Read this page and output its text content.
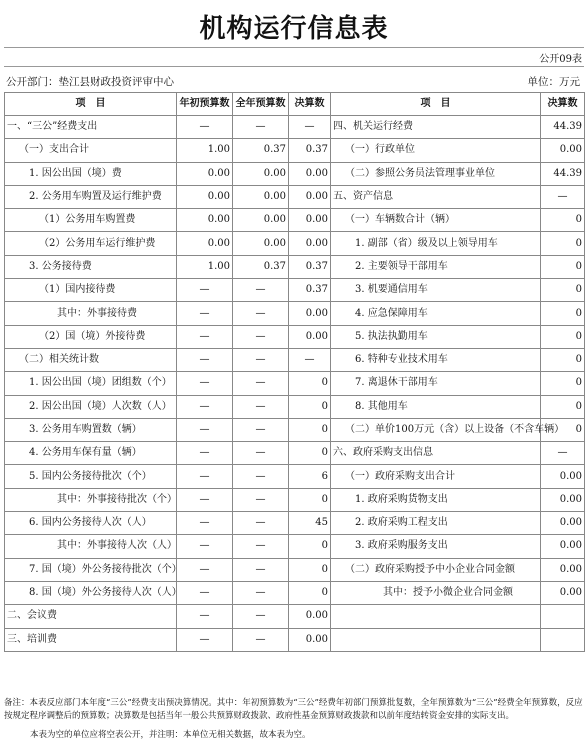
机构运行信息表
公开09表
公开部门：垫江县财政投资评审中心	单位：万元
项　目	年初预算数	全年预算数	决算数	项　目	决算数
一、“三公”经费支出	—	—	—	四、机关运行经费	44.39
（一）支出合计	1.00	0.37	0.37	（一）行政单位	0.00
1. 因公出国（境）费	0.00	0.00	0.00	（二）参照公务员法管理事业单位	44.39
2. 公务用车购置及运行维护费	0.00	0.00	0.00	五、资产信息	—
（1）公务用车购置费	0.00	0.00	0.00	（一）车辆数合计（辆）	0
（2）公务用车运行维护费	0.00	0.00	0.00	1. 副部（省）级及以上领导用车	0
3. 公务接待费	1.00	0.37	0.37	2. 主要领导干部用车	0
（1）国内接待费	—	—	0.37	3. 机要通信用车	0
其中：外事接待费	—	—	0.00	4. 应急保障用车	0
（2）国（境）外接待费	—	—	0.00	5. 执法执勤用车	0
（二）相关统计数	—	—	—	6. 特种专业技术用车	0
1. 因公出国（境）团组数（个）	—	—	0	7. 离退休干部用车	0
2. 因公出国（境）人次数（人）	—	—	0	8. 其他用车	0
3. 公务用车购置数（辆）	—	—	0	（二）单价100万元（含）以上设备（不含车辆）	0
4. 公务用车保有量（辆）	—	—	0	六、政府采购支出信息	—
5. 国内公务接待批次（个）	—	—	6	（一）政府采购支出合计	0.00
其中：外事接待批次（个）	—	—	0	1. 政府采购货物支出	0.00
6. 国内公务接待人次（人）	—	—	45	2. 政府采购工程支出	0.00
其中：外事接待人次（人）	—	—	0	3. 政府采购服务支出	0.00
7. 国（境）外公务接待批次（个）	—	—	0	（二）政府采购授予中小企业合同金额	0.00
8. 国（境）外公务接待人次（人）	—	—	0	其中：授予小微企业合同金额	0.00
二、会议费	—	—	0.00		
三、培训费	—	—	0.00		
备注：本表反应部门本年度“三公”经费支出预决算情况。其中：年初预算数为“三公”经费年初部门预算批复数，全年预算数为“三公”经费全年预算数，反应按规定程序调整后的预算数；决算数是包括当年一般公共预算财政拨款、政府性基金预算财政拨款和以前年度结转资金安排的实际支出。
本表为空的单位应将空表公开，并注明：本单位无相关数据，故本表为空。
